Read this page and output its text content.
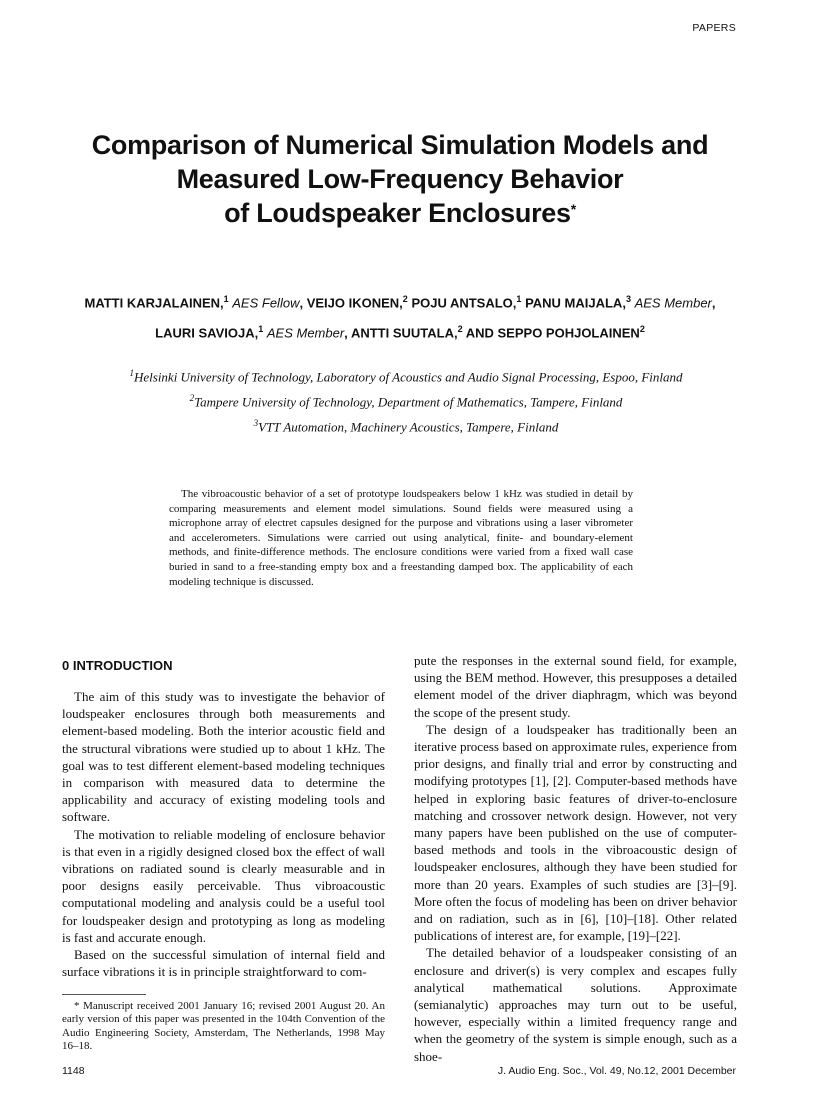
PAPERS
Comparison of Numerical Simulation Models and
Measured Low-Frequency Behavior
of Loudspeaker Enclosures*
MATTI KARJALAINEN,$^1$ AES Fellow, VEIJO IKONEN,$^2$ POJU ANTSALO,$^1$ PANU MAIJALA,$^3$ AES Member,
LAURI SAVIOJA,$^1$ AES Member, ANTTI SUUTALA,$^2$ AND SEPPO POHJOLAINEN$^2$
$^1$Helsinki University of Technology, Laboratory of Acoustics and Audio Signal Processing, Espoo, Finland
$^2$Tampere University of Technology, Department of Mathematics, Tampere, Finland
$^3$VTT Automation, Machinery Acoustics, Tampere, Finland
The vibroacoustic behavior of a set of prototype loudspeakers below 1 kHz was studied in detail by comparing measurements and element model simulations. Sound fields were measured using a microphone array of electret capsules designed for the purpose and vibrations using a laser vibrometer and accelerometers. Simulations were carried out using analytical, finite- and boundary-element methods, and finite-difference methods. The enclosure conditions were varied from a fixed wall case buried in sand to a free-standing empty box and a freestanding damped box. The applicability of each modeling technique is discussed.
0 INTRODUCTION

The aim of this study was to investigate the behavior of loudspeaker enclosures through both measurements and element-based modeling. Both the interior acoustic field and the structural vibrations were studied up to about 1 kHz. The goal was to test different element-based modeling techniques in comparison with measured data to determine the applicability and accuracy of existing modeling tools and software.

The motivation to reliable modeling of enclosure behavior is that even in a rigidly designed closed box the effect of wall vibrations on radiated sound is clearly measurable and in poor designs easily perceivable. Thus vibroacoustic computational modeling and analysis could be a useful tool for loudspeaker design and prototyping as long as modeling is fast and accurate enough.

Based on the successful simulation of internal field and surface vibrations it is in principle straightforward to com-

pute the responses in the external sound field, for example, using the BEM method. However, this presupposes a detailed element model of the driver diaphragm, which was beyond the scope of the present study.

The design of a loudspeaker has traditionally been an iterative process based on approximate rules, experience from prior designs, and finally trial and error by constructing and modifying prototypes [1], [2]. Computer-based methods have helped in exploring basic features of driver-to-enclosure matching and crossover network design. However, not very many papers have been published on the use of computer-based methods and tools in the vibroacoustic design of loudspeaker enclosures, although they have been studied for more than 20 years. Examples of such studies are [3]–[9]. More often the focus of modeling has been on driver behavior and on radiation, such as in [6], [10]–[18]. Other related publications of interest are, for example, [19]–[22].

The detailed behavior of a loudspeaker consisting of an enclosure and driver(s) is very complex and escapes fully analytical mathematical solutions. Approximate (semianalytic) approaches may turn out to be useful, however, especially within a limited frequency range and when the geometry of the system is simple enough, such as a shoe-

* Manuscript received 2001 January 16; revised 2001 August 20. An early version of this paper was presented in the 104th Convention of the Audio Engineering Society, Amsterdam, The Netherlands, 1998 May 16–18.
1148	J. Audio Eng. Soc., Vol. 49, No.12, 2001 December
